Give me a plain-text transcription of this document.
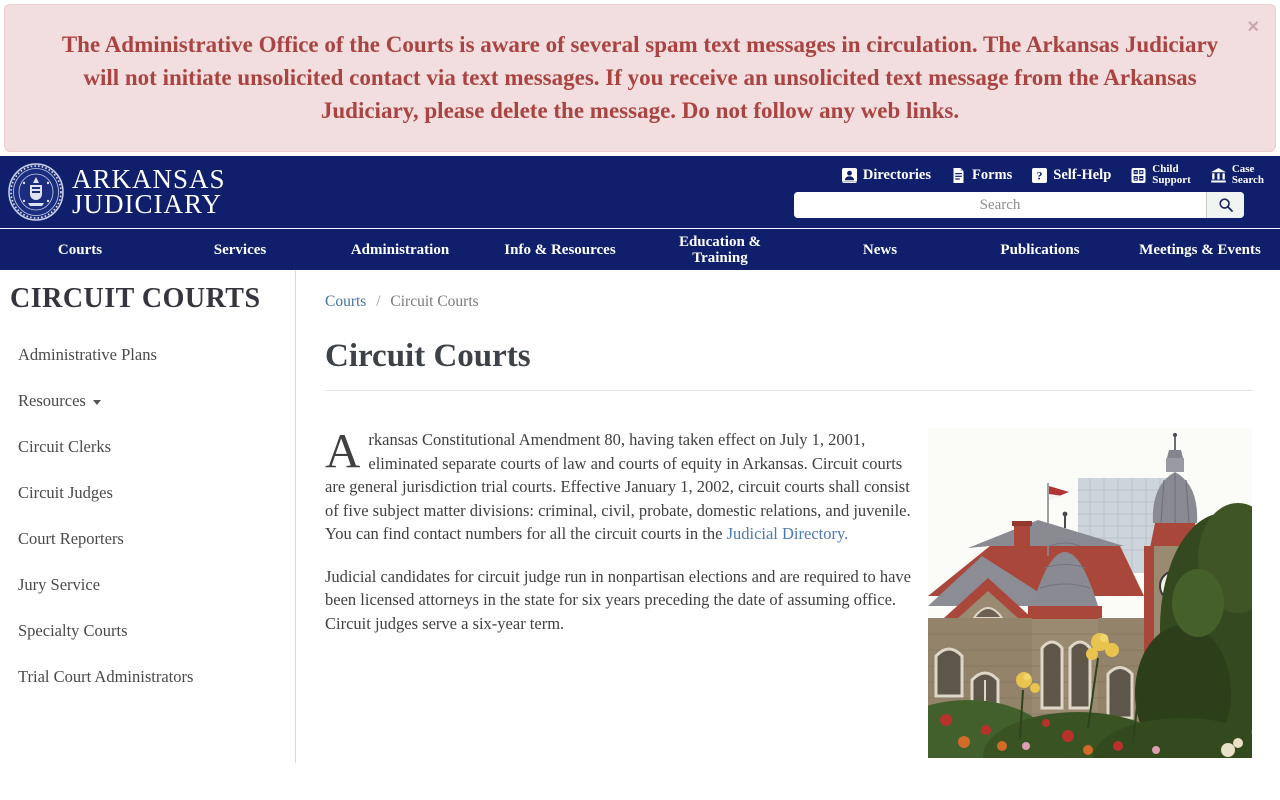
×

The Administrative Office of the Courts is aware of several spam text messages in circulation. The Arkansas Judiciary will not initiate unsolicited contact via text messages. If you receive an unsolicited text message from the Arkansas Judiciary, please delete the message. Do not follow any web links.

ARKANSAS
JUDICIARY
Directories	Forms ? Self-Help	Child
Support
Case
Search
Search
Courts	Services	Administration	Info & Resources	Education & Training	News	Publications	Meetings & Events
CIRCUIT COURTS
Administrative Plans
Resources
Circuit Clerks
Circuit Judges
Court Reporters
Jury Service
Specialty Courts
Trial Court Administrators
Courts / Circuit Courts
Circuit Courts

Arkansas Constitutional Amendment 80, having taken effect on July 1, 2001, eliminated separate courts of law and courts of equity in Arkansas. Circuit courts are general jurisdiction trial courts. Effective January 1, 2002, circuit courts shall consist of five subject matter divisions: criminal, civil, probate, domestic relations, and juvenile. You can find contact numbers for all the circuit courts in the Judicial Directory.

Judicial candidates for circuit judge run in nonpartisan elections and are required to have been licensed attorneys in the state for six years preceding the date of assuming office. Circuit judges serve a six-year term.
